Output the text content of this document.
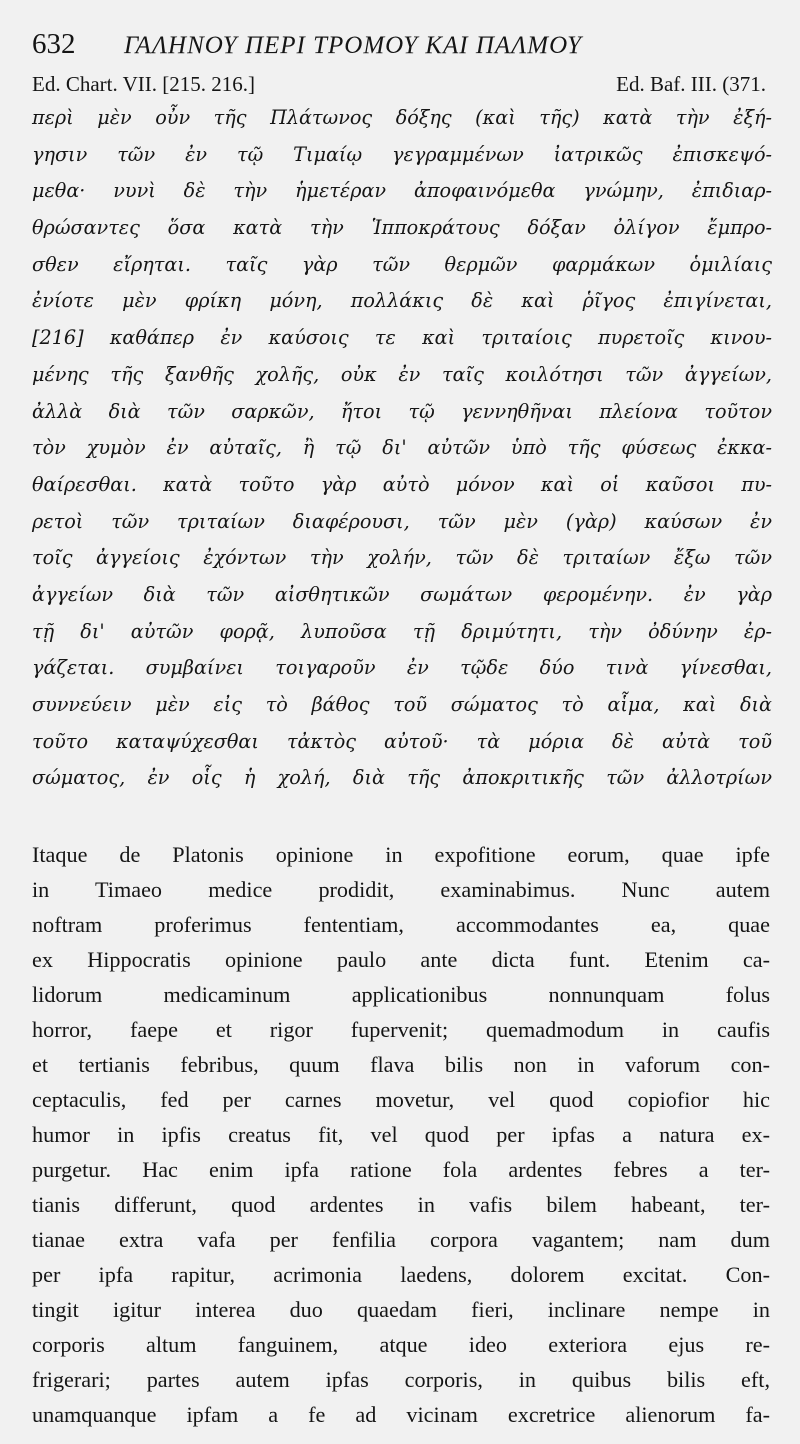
632	ΓΑΛΗΝΟΥ ΠΕΡΙ ΤΡΟΜΟΥ ΚΑΙ ΠΑΛΜΟΥ
Ed. Chart. VII. [215. 216.]	Ed. Baf. III. (371.
περὶ μὲν οὖν τῆς Πλάτωνος δόξης (καὶ τῆς) κατὰ τὴν ἐξή-
γησιν τῶν ἐν τῷ Τιμαίῳ γεγραμμένων ἰατρικῶς ἐπισκεψό-
μεθα· νυνὶ δὲ τὴν ἡμετέραν ἀποφαινόμεθα γνώμην, ἐπιδιαρ-
θρώσαντες ὅσα κατὰ τὴν Ἱπποκράτους δόξαν ὀλίγον ἔμπρο-
σθεν εἴρηται. ταῖς γὰρ τῶν θερμῶν φαρμάκων ὁμιλίαις
ἐνίοτε μὲν φρίκη μόνη, πολλάκις δὲ καὶ ῥῖγος ἐπιγίνεται,
[216] καθάπερ ἐν καύσοις τε καὶ τριταίοις πυρετοῖς κινου-
μένης τῆς ξανθῆς χολῆς, οὐκ ἐν ταῖς κοιλότησι τῶν ἀγγείων,
ἀλλὰ διὰ τῶν σαρκῶν, ἤτοι τῷ γεννηθῆναι πλείονα τοῦτον
τὸν χυμὸν ἐν αὐταῖς, ἢ τῷ δι' αὐτῶν ὑπὸ τῆς φύσεως ἐκκα-
θαίρεσθαι. κατὰ τοῦτο γὰρ αὐτὸ μόνον καὶ οἱ καῦσοι πυ-
ρετοὶ τῶν τριταίων διαφέρουσι, τῶν μὲν (γὰρ) καύσων ἐν
τοῖς ἀγγείοις ἐχόντων τὴν χολήν, τῶν δὲ τριταίων ἔξω τῶν
ἀγγείων διὰ τῶν αἰσθητικῶν σωμάτων φερομένην. ἐν γὰρ
τῇ δι' αὐτῶν φορᾷ, λυποῦσα τῇ δριμύτητι, τὴν ὀδύνην ἐρ-
γάζεται. συμβαίνει τοιγαροῦν ἐν τῷδε δύο τινὰ γίνεσθαι,
συννεύειν μὲν εἰς τὸ βάθος τοῦ σώματος τὸ αἷμα, καὶ διὰ
τοῦτο καταψύχεσθαι τἀκτὸς αὐτοῦ· τὰ μόρια δὲ αὐτὰ τοῦ
σώματος, ἐν οἷς ἡ χολή, διὰ τῆς ἀποκριτικῆς τῶν ἀλλοτρίων
Itaque de Platonis opinione in expofitione eorum, quae ipfe
in Timaeo medice prodidit, examinabimus. Nunc autem
noftram proferimus fententiam, accommodantes ea, quae
ex Hippocratis opinione paulo ante dicta funt. Etenim ca-
lidorum medicaminum applicationibus nonnunquam folus
horror, faepe et rigor fupervenit; quemadmodum in caufis
et tertianis febribus, quum flava bilis non in vaforum con-
ceptaculis, fed per carnes movetur, vel quod copiofior hic
humor in ipfis creatus fit, vel quod per ipfas a natura ex-
purgetur. Hac enim ipfa ratione fola ardentes febres a ter-
tianis differunt, quod ardentes in vafis bilem habeant, ter-
tianae extra vafa per fenfilia corpora vagantem; nam dum
per ipfa rapitur, acrimonia laedens, dolorem excitat. Con-
tingit igitur interea duo quaedam fieri, inclinare nempe in
corporis altum fanguinem, atque ideo exteriora ejus re-
frigerari; partes autem ipfas corporis, in quibus bilis eft,
unamquanque ipfam a fe ad vicinam excretrice alienorum fa-
